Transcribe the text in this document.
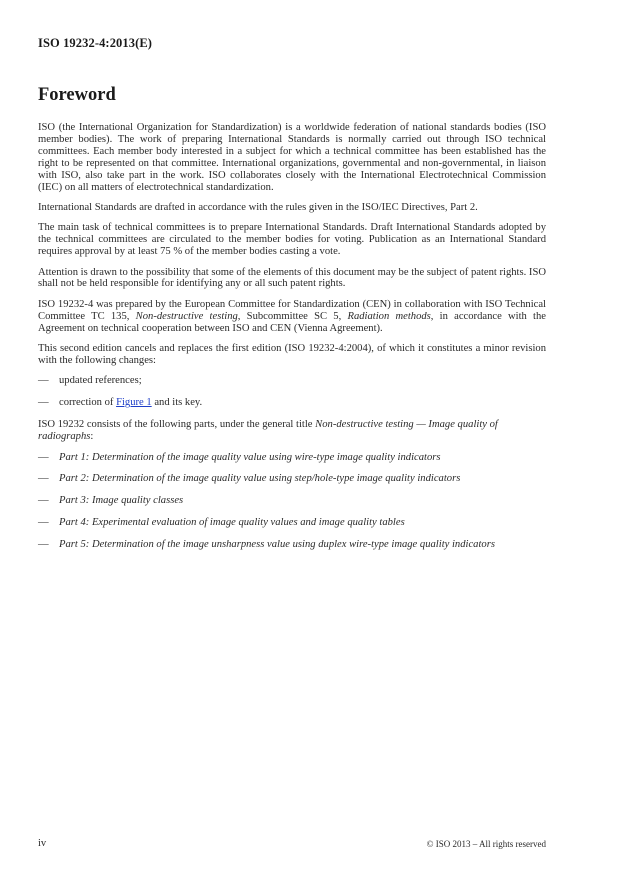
ISO 19232-4:2013(E)
Foreword

ISO (the International Organization for Standardization) is a worldwide federation of national standards bodies (ISO member bodies). The work of preparing International Standards is normally carried out through ISO technical committees. Each member body interested in a subject for which a technical committee has been established has the right to be represented on that committee. International organizations, governmental and non-governmental, in liaison with ISO, also take part in the work. ISO collaborates closely with the International Electrotechnical Commission (IEC) on all matters of electrotechnical standardization.

International Standards are drafted in accordance with the rules given in the ISO/IEC Directives, Part 2.

The main task of technical committees is to prepare International Standards. Draft International Standards adopted by the technical committees are circulated to the member bodies for voting. Publication as an International Standard requires approval by at least 75 % of the member bodies casting a vote.

Attention is drawn to the possibility that some of the elements of this document may be the subject of patent rights. ISO shall not be held responsible for identifying any or all such patent rights.

ISO 19232-4 was prepared by the European Committee for Standardization (CEN) in collaboration with ISO Technical Committee TC 135, Non-destructive testing, Subcommittee SC 5, Radiation methods, in accordance with the Agreement on technical cooperation between ISO and CEN (Vienna Agreement).

This second edition cancels and replaces the first edition (ISO 19232-4:2004), of which it constitutes a minor revision with the following changes:

— updated references;
— correction of Figure 1 and its key.

ISO 19232 consists of the following parts, under the general title Non-destructive testing — Image quality of radiographs:

— Part 1: Determination of the image quality value using wire-type image quality indicators
— Part 2: Determination of the image quality value using step/hole-type image quality indicators
— Part 3: Image quality classes
— Part 4: Experimental evaluation of image quality values and image quality tables
— Part 5: Determination of the image unsharpness value using duplex wire-type image quality indicators
iv	© ISO 2013 – All rights reserved
